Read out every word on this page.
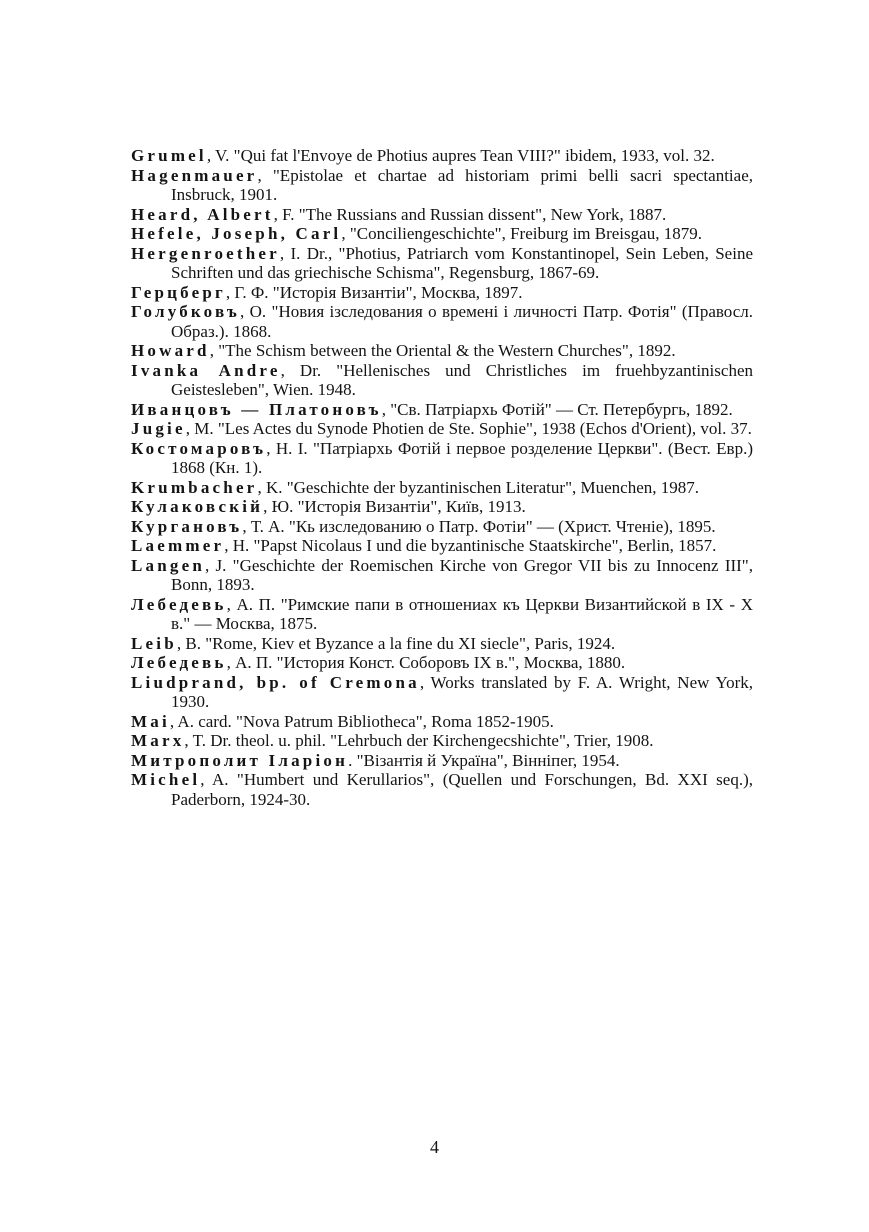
Grumel, V. "Qui fat l'Envoye de Photius aupres Tean VIII?" ibidem, 1933, vol. 32.

Hagenmauer, "Epistolae et chartae ad historiam primi belli sacri spectantiae, Insbruck, 1901.

Heard, Albert, F. "The Russians and Russian dissent", New York, 1887.

Hefele, Joseph, Carl, "Conciliengeschichte", Freiburg im Breisgau, 1879.

Hergenroether, I. Dr., "Photius, Patriarch vom Konstantinopel, Sein Leben, Seine Schriften und das griechische Schisma", Regensburg, 1867-69.

Герцберг, Г. Ф. "Исторія Византіи", Москва, 1897.

Голубковъ, О. "Новия ізследования о времені і личності Патр. Фотія" (Правосл. Образ.). 1868.

Howard, "The Schism between the Oriental & the Western Churches", 1892.

Ivanka Andre, Dr. "Hellenisches und Christliches im fruehbyzantinischen Geistesleben", Wien. 1948.

Иванцовъ — Платоновъ, "Св. Патріархь Фотій" — Ст. Петербургь, 1892.

Jugie, M. "Les Actes du Synode Photien de Ste. Sophie", 1938 (Echos d'Orient), vol. 37.

Костомаровъ, Н. І. "Патріархь Фотій і первое розделение Церкви". (Вест. Евр.) 1868 (Кн. 1).

Krumbacher, K. "Geschichte der byzantinischen Literatur", Muenchen, 1987.

Кулаковскій, Ю. "Исторія Византіи", Київ, 1913.

Кургановъ, Т. А. "Кь изследованию о Патр. Фотіи" — (Христ. Чтеніе), 1895.

Laemmer, H. "Papst Nicolaus I und die byzantinische Staatskirche", Berlin, 1857.

Langen, J. "Geschichte der Roemischen Kirche von Gregor VII bis zu Innocenz III", Bonn, 1893.

Лебедевь, А. П. "Римские папи в отношениах къ Церкви Византийской в IX - X в." — Москва, 1875.

Leib, B. "Rome, Kiev et Byzance a la fine du XI siecle", Paris, 1924.

Лебедевь, А. П. "История Конст. Соборовъ IX в.", Москва, 1880.

Liudprand, bp. of Cremona, Works translated by F. A. Wright, New York, 1930.

Mai, A. card. "Nova Patrum Bibliotheca", Roma 1852-1905.

Marx, T. Dr. theol. u. phil. "Lehrbuch der Kirchengecshichte", Trier, 1908.

Митрополит Іларіон. "Візантія й Україна", Вінніпег, 1954.

Michel, A. "Humbert und Kerullarios", (Quellen und Forschungen, Bd. XXI seq.), Paderborn, 1924-30.

4
